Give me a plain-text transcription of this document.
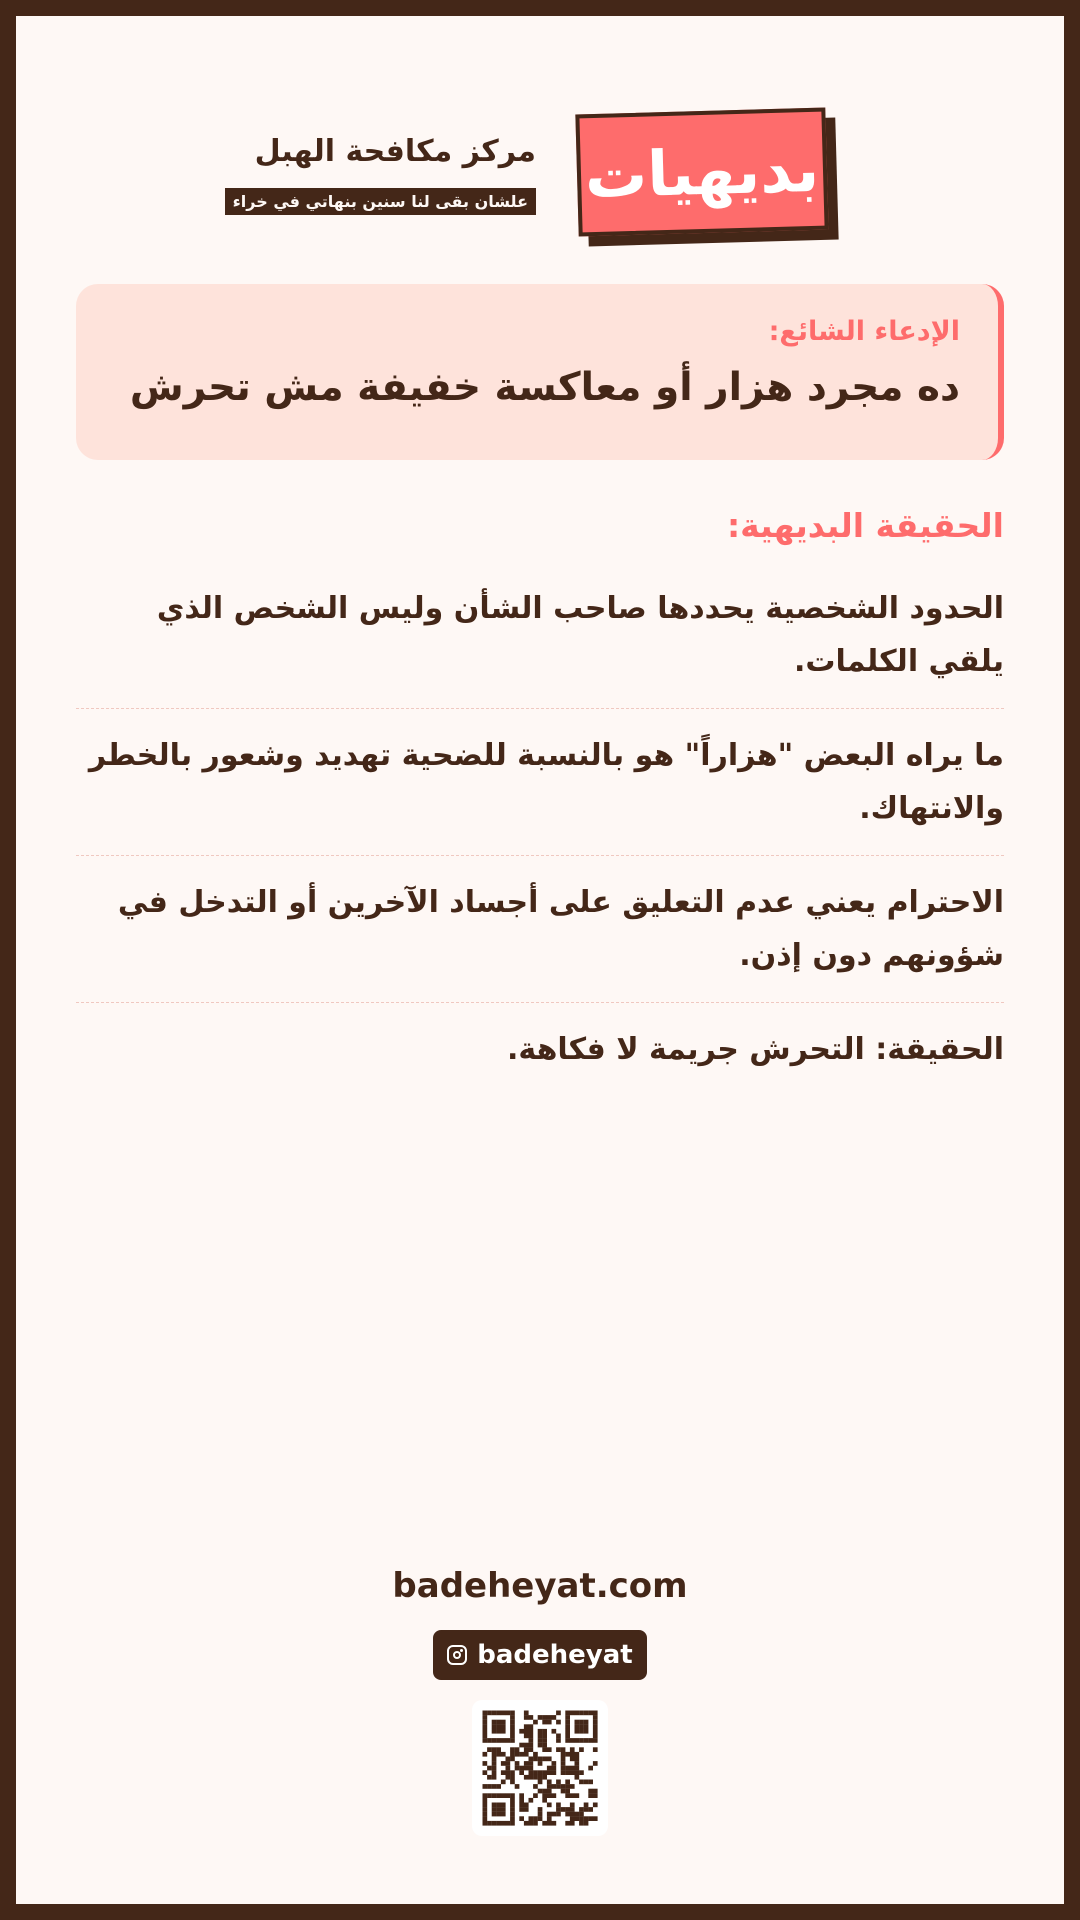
بديهيات
مركز مكافحة الهبل
علشان بقى لنا سنين بنهاتي في خراء
الإدعاء الشائع:
ده مجرد هزار أو معاكسة خفيفة مش تحرش
الحقيقة البديهية:
الحدود الشخصية يحددها صاحب الشأن وليس الشخص الذي يلقي الكلمات.
ما يراه البعض "هزاراً" هو بالنسبة للضحية تهديد وشعور بالخطر والانتهاك.
الاحترام يعني عدم التعليق على أجساد الآخرين أو التدخل في شؤونهم دون إذن.
الحقيقة: التحرش جريمة لا فكاهة.
badeheyat.com
badeheyat
